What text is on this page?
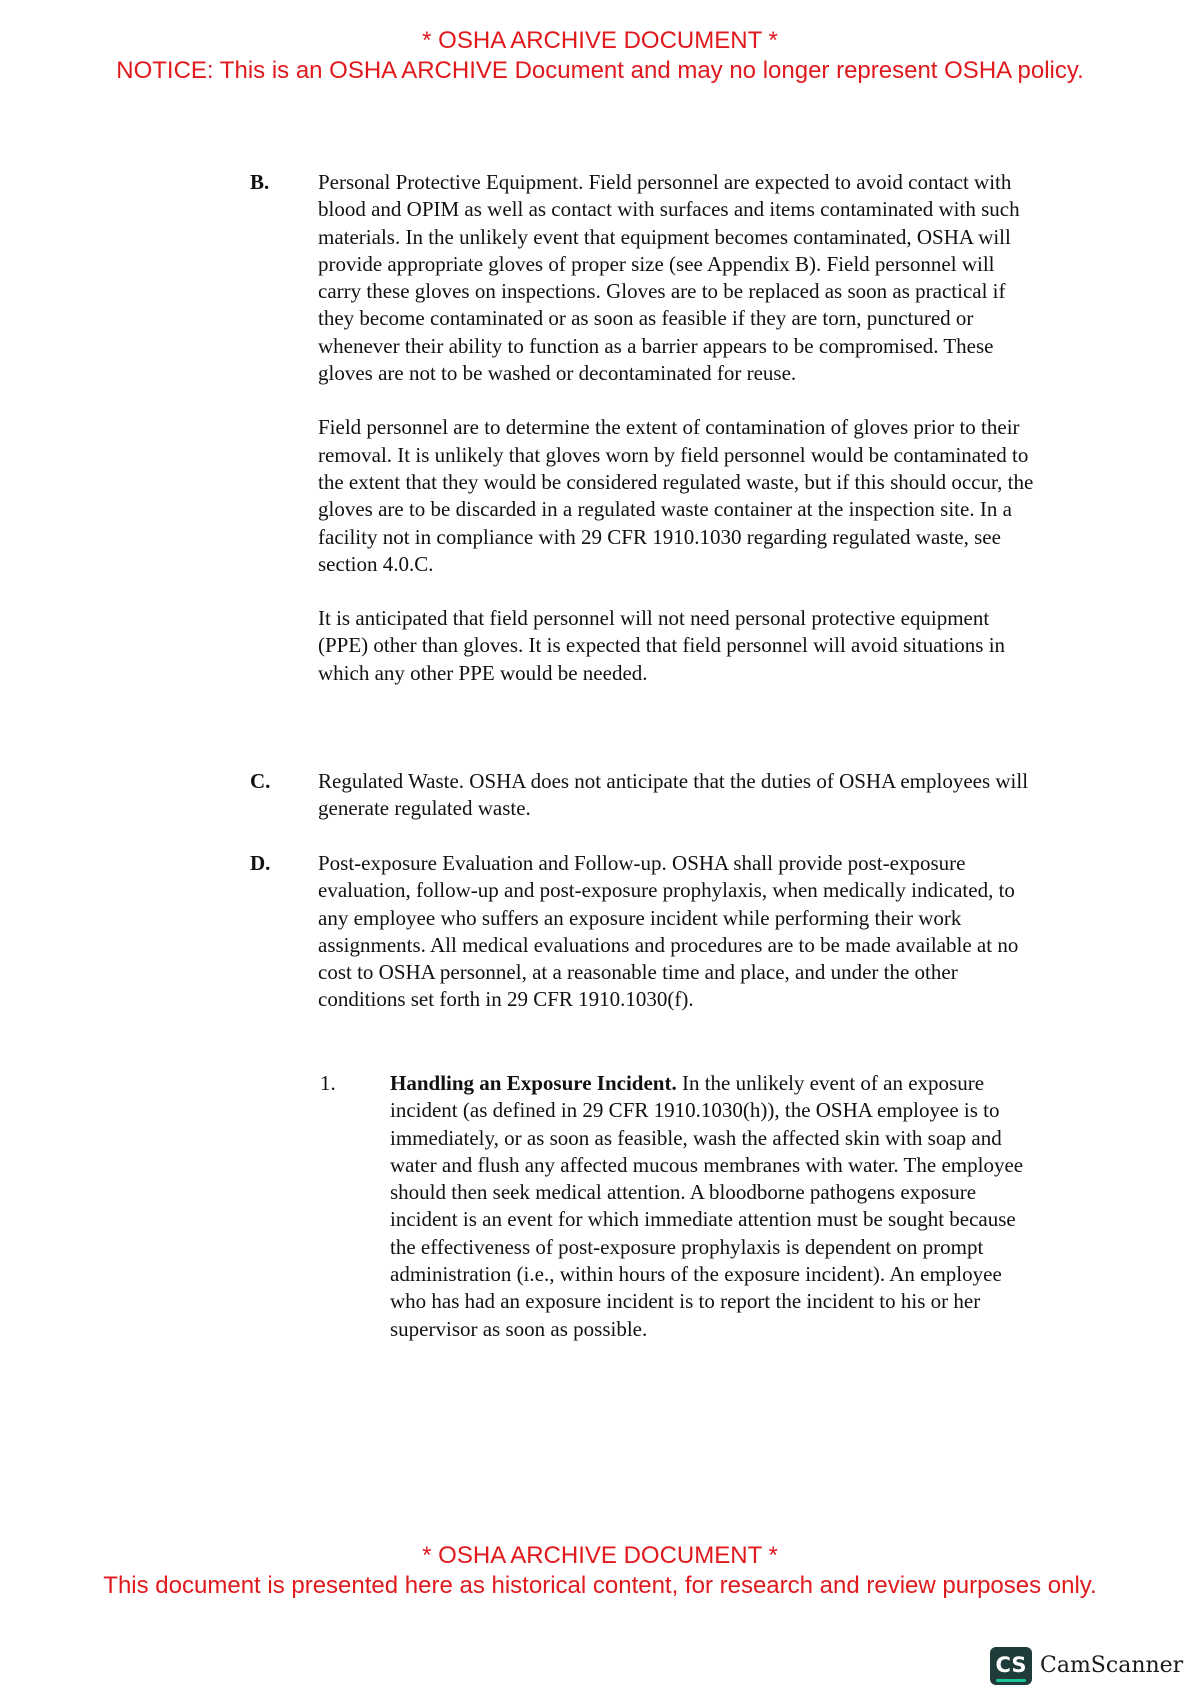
* OSHA ARCHIVE DOCUMENT *
NOTICE: This is an OSHA ARCHIVE Document and may no longer represent OSHA policy.
B. Personal Protective Equipment. Field personnel are expected to avoid contact with blood and OPIM as well as contact with surfaces and items contaminated with such materials. In the unlikely event that equipment becomes contaminated, OSHA will provide appropriate gloves of proper size (see Appendix B). Field personnel will carry these gloves on inspections. Gloves are to be replaced as soon as practical if they become contaminated or as soon as feasible if they are torn, punctured or whenever their ability to function as a barrier appears to be compromised. These gloves are not to be washed or decontaminated for reuse.

Field personnel are to determine the extent of contamination of gloves prior to their removal. It is unlikely that gloves worn by field personnel would be contaminated to the extent that they would be considered regulated waste, but if this should occur, the gloves are to be discarded in a regulated waste container at the inspection site. In a facility not in compliance with 29 CFR 1910.1030 regarding regulated waste, see section 4.0.C.

It is anticipated that field personnel will not need personal protective equipment (PPE) other than gloves. It is expected that field personnel will avoid situations in which any other PPE would be needed.

C. Regulated Waste. OSHA does not anticipate that the duties of OSHA employees will generate regulated waste.

D. Post-exposure Evaluation and Follow-up. OSHA shall provide post-exposure evaluation, follow-up and post-exposure prophylaxis, when medically indicated, to any employee who suffers an exposure incident while performing their work assignments. All medical evaluations and procedures are to be made available at no cost to OSHA personnel, at a reasonable time and place, and under the other conditions set forth in 29 CFR 1910.1030(f).

1.	Handling an Exposure Incident. In the unlikely event of an exposure incident (as defined in 29 CFR 1910.1030(h)), the OSHA employee is to immediately, or as soon as feasible, wash the affected skin with soap and water and flush any affected mucous membranes with water. The employee should then seek medical attention. A bloodborne pathogens exposure incident is an event for which immediate attention must be sought because the effectiveness of post-exposure prophylaxis is dependent on prompt administration (i.e., within hours of the exposure incident). An employee who has had an exposure incident is to report the incident to his or her supervisor as soon as possible.

* OSHA ARCHIVE DOCUMENT *
This document is presented here as historical content, for research and review purposes only.
CS CamScanner
